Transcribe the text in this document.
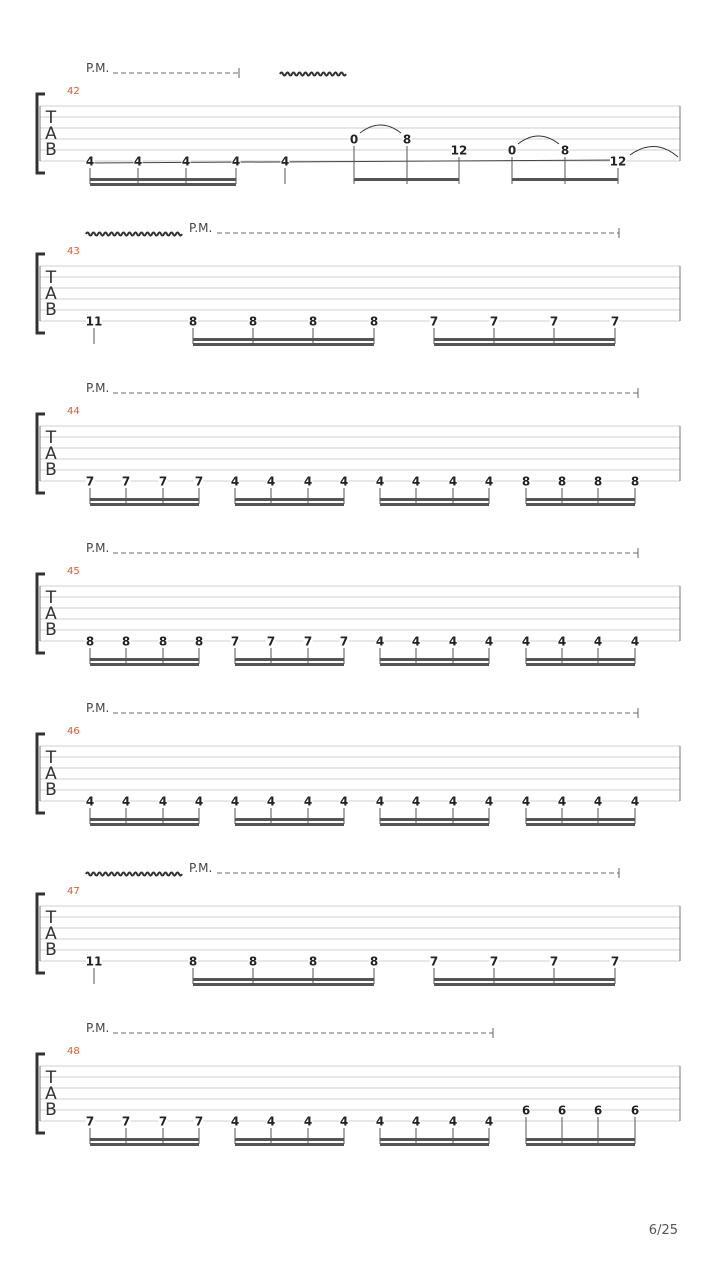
P.M.
42
T
A
B
4	4	4	4	4
0	8
12	0	8
12
P.M.
43
T
A
B
11	8	8	8	8	7	7	7	7
P.M.
44
T
A
B
7 7 7 7 4 4 4 4 4 4 4 4 8 8 8 8
P.M.
45
T
A
B
8 8 8 8 7 7 7 7 4 4 4 4 4 4 4 4
P.M.
46
T
A
B
4 4 4 4 4 4 4 4 4 4 4 4 4 4 4 4
P.M.
47
T
A
B
11	8	8	8	8	7	7	7	7
P.M.
48
T
A
B
7 7 7 7 4 4 4 4 4 4 4 4
6 6 6 6
6/25
